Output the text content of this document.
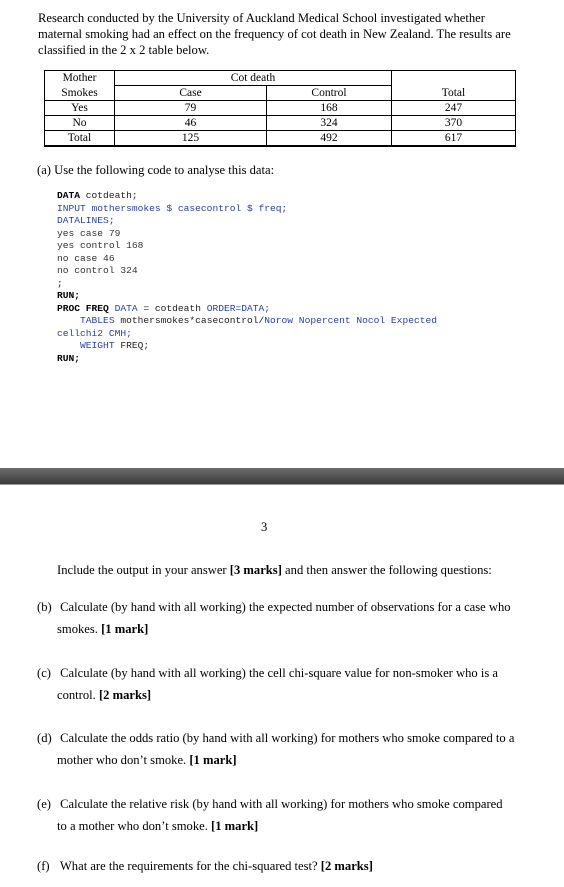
Research conducted by the University of Auckland Medical School investigated whether maternal smoking had an effect on the frequency of cot death in New Zealand. The results are classified in the 2 x 2 table below.
Mother	Cot death		
Smokes	Case	Control	Total
Yes	79	168	247
No	46	324	370
Total	125	492	617
(a) Use the following code to analyse this data:
DATA cotdeath;
INPUT mothersmokes $ casecontrol $ freq;
DATALINES;
yes case 79
yes control 168
no case 46
no control 324
;
RUN;
PROC FREQ DATA = cotdeath ORDER=DATA;
TABLES mothersmokes*casecontrol/Norow Nopercent Nocol Expected
cellchi2 CMH;
WEIGHT FREQ;
RUN;
3
Include the output in your answer [3 marks] and then answer the following questions:
(b) Calculate (by hand with all working) the expected number of observations for a case who
smokes. [1 mark]
(c) Calculate (by hand with all working) the cell chi-square value for non-smoker who is a
control. [2 marks]
(d) Calculate the odds ratio (by hand with all working) for mothers who smoke compared to a
mother who don’t smoke. [1 mark]
(e) Calculate the relative risk (by hand with all working) for mothers who smoke compared
to a mother who don’t smoke. [1 mark]
(f) What are the requirements for the chi-squared test? [2 marks]
